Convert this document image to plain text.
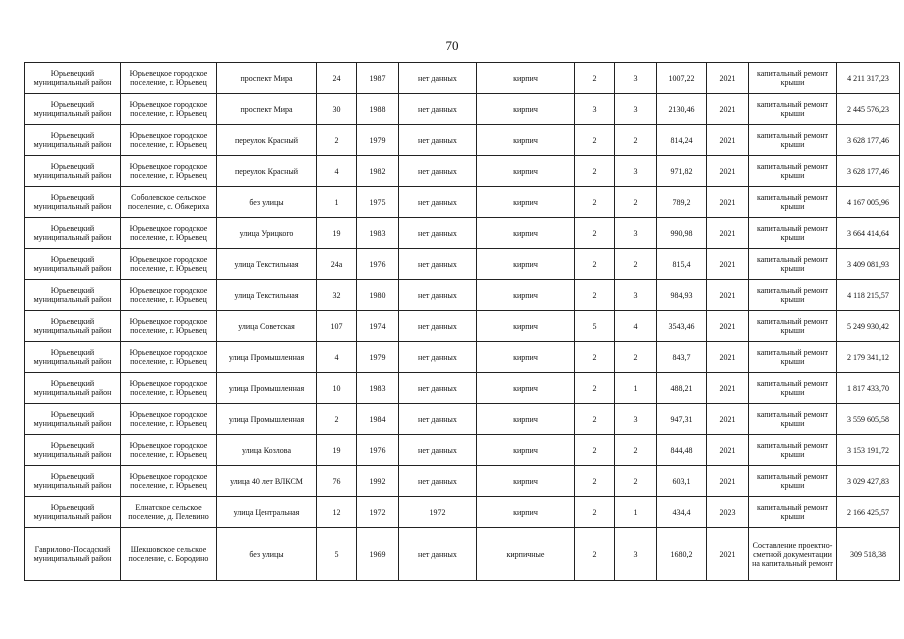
70
Юрьевецкий муниципальный район	Юрьевецкое городское поселение, г. Юрьевец	проспект Мира	24	1987	нет данных	кирпич	2	3	1007,22	2021	капитальный ремонт крыши	4 211 317,23
Юрьевецкий муниципальный район	Юрьевецкое городское поселение, г. Юрьевец	проспект Мира	30	1988	нет данных	кирпич	3	3	2130,46	2021	капитальный ремонт крыши	2 445 576,23
Юрьевецкий муниципальный район	Юрьевецкое городское поселение, г. Юрьевец	переулок Красный	2	1979	нет данных	кирпич	2	2	814,24	2021	капитальный ремонт крыши	3 628 177,46
Юрьевецкий муниципальный район	Юрьевецкое городское поселение, г. Юрьевец	переулок Красный	4	1982	нет данных	кирпич	2	3	971,82	2021	капитальный ремонт крыши	3 628 177,46
Юрьевецкий муниципальный район	Соболевское сельское поселение, с. Обжериха	без улицы	1	1975	нет данных	кирпич	2	2	789,2	2021	капитальный ремонт крыши	4 167 005,96
Юрьевецкий муниципальный район	Юрьевецкое городское поселение, г. Юрьевец	улица Урицкого	19	1983	нет данных	кирпич	2	3	990,98	2021	капитальный ремонт крыши	3 664 414,64
Юрьевецкий муниципальный район	Юрьевецкое городское поселение, г. Юрьевец	улица Текстильная	24а	1976	нет данных	кирпич	2	2	815,4	2021	капитальный ремонт крыши	3 409 081,93
Юрьевецкий муниципальный район	Юрьевецкое городское поселение, г. Юрьевец	улица Текстильная	32	1980	нет данных	кирпич	2	3	984,93	2021	капитальный ремонт крыши	4 118 215,57
Юрьевецкий муниципальный район	Юрьевецкое городское поселение, г. Юрьевец	улица Советская	107	1974	нет данных	кирпич	5	4	3543,46	2021	капитальный ремонт крыши	5 249 930,42
Юрьевецкий муниципальный район	Юрьевецкое городское поселение, г. Юрьевец	улица Промышленная	4	1979	нет данных	кирпич	2	2	843,7	2021	капитальный ремонт крыши	2 179 341,12
Юрьевецкий муниципальный район	Юрьевецкое городское поселение, г. Юрьевец	улица Промышленная	10	1983	нет данных	кирпич	2	1	488,21	2021	капитальный ремонт крыши	1 817 433,70
Юрьевецкий муниципальный район	Юрьевецкое городское поселение, г. Юрьевец	улица Промышленная	2	1984	нет данных	кирпич	2	3	947,31	2021	капитальный ремонт крыши	3 559 605,58
Юрьевецкий муниципальный район	Юрьевецкое городское поселение, г. Юрьевец	улица Козлова	19	1976	нет данных	кирпич	2	2	844,48	2021	капитальный ремонт крыши	3 153 191,72
Юрьевецкий муниципальный район	Юрьевецкое городское поселение, г. Юрьевец	улица 40 лет ВЛКСМ	76	1992	нет данных	кирпич	2	2	603,1	2021	капитальный ремонт крыши	3 029 427,83
Юрьевецкий муниципальный район	Елнатское сельское поселение, д. Пелевино	улица Центральная	12	1972	1972	кирпич	2	1	434,4	2023	капитальный ремонт крыши	2 166 425,57
Гаврилово-Посадский муниципальный район	Шекшовское сельское поселение, с. Бородино	без улицы	5	1969	нет данных	кирпичные	2	3	1680,2	2021	Составление проектно-сметной документации на капитальный ремонт	309 518,38
